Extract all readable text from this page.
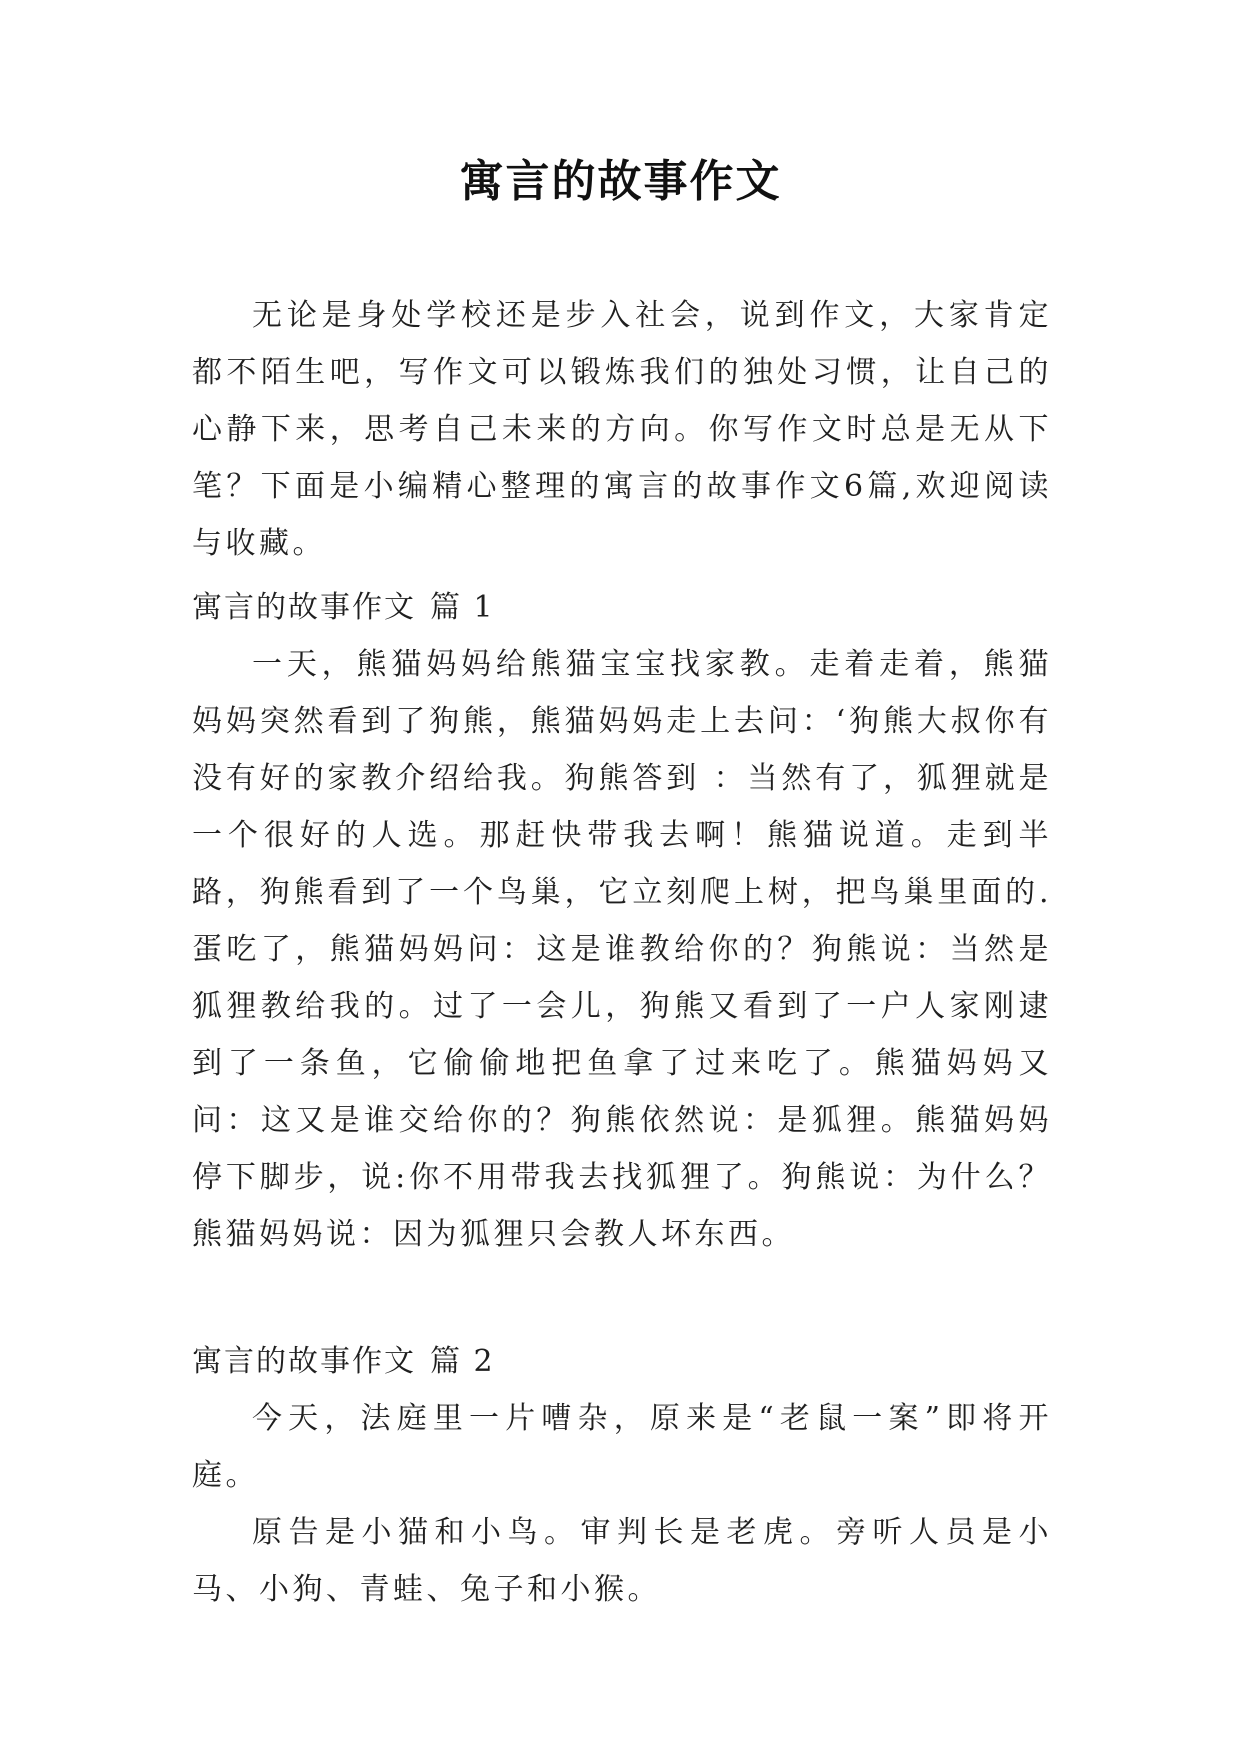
寓言的故事作文

无论是身处学校还是步入社会，说到作文，大家肯定都不陌生吧，写作文可以锻炼我们的独处习惯，让自己的心静下来，思考自己未来的方向。你写作文时总是无从下笔？下面是小编精心整理的寓言的故事作文6篇,欢迎阅读与收藏。

寓言的故事作文 篇 1

一天，熊猫妈妈给熊猫宝宝找家教。走着走着，熊猫妈妈突然看到了狗熊，熊猫妈妈走上去问：‘狗熊大叔你有没有好的家教介绍给我。狗熊答到 ：当然有了，狐狸就是一个很好的人选。那赶快带我去啊！熊猫说道。走到半路，狗熊看到了一个鸟巢，它立刻爬上树，把鸟巢里面的.蛋吃了，熊猫妈妈问：这是谁教给你的？狗熊说：当然是狐狸教给我的。过了一会儿，狗熊又看到了一户人家刚逮到了一条鱼，它偷偷地把鱼拿了过来吃了。熊猫妈妈又问：这又是谁交给你的？狗熊依然说：是狐狸。熊猫妈妈停下脚步，说:你不用带我去找狐狸了。狗熊说：为什么？熊猫妈妈说：因为狐狸只会教人坏东西。

寓言的故事作文 篇 2

今天，法庭里一片嘈杂，原来是“老鼠一案”即将开庭。

原告是小猫和小鸟。审判长是老虎。旁听人员是小马、小狗、青蛙、兔子和小猴。
